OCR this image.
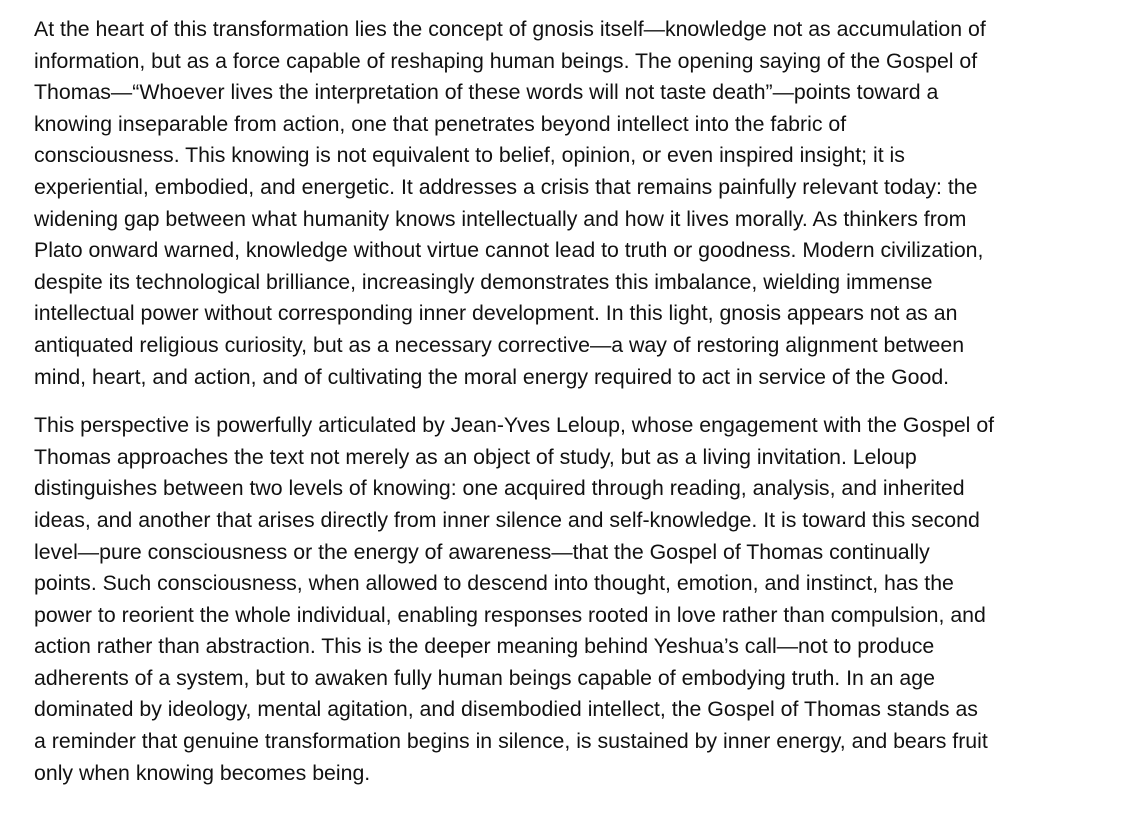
At the heart of this transformation lies the concept of gnosis itself—knowledge not as accumulation of
information, but as a force capable of reshaping human beings. The opening saying of the Gospel of
Thomas—“Whoever lives the interpretation of these words will not taste death”—points toward a
knowing inseparable from action, one that penetrates beyond intellect into the fabric of
consciousness. This knowing is not equivalent to belief, opinion, or even inspired insight; it is
experiential, embodied, and energetic. It addresses a crisis that remains painfully relevant today: the
widening gap between what humanity knows intellectually and how it lives morally. As thinkers from
Plato onward warned, knowledge without virtue cannot lead to truth or goodness. Modern civilization,
despite its technological brilliance, increasingly demonstrates this imbalance, wielding immense
intellectual power without corresponding inner development. In this light, gnosis appears not as an
antiquated religious curiosity, but as a necessary corrective—a way of restoring alignment between
mind, heart, and action, and of cultivating the moral energy required to act in service of the Good.

This perspective is powerfully articulated by Jean-Yves Leloup, whose engagement with the Gospel of
Thomas approaches the text not merely as an object of study, but as a living invitation. Leloup
distinguishes between two levels of knowing: one acquired through reading, analysis, and inherited
ideas, and another that arises directly from inner silence and self-knowledge. It is toward this second
level—pure consciousness or the energy of awareness—that the Gospel of Thomas continually
points. Such consciousness, when allowed to descend into thought, emotion, and instinct, has the
power to reorient the whole individual, enabling responses rooted in love rather than compulsion, and
action rather than abstraction. This is the deeper meaning behind Yeshua’s call—not to produce
adherents of a system, but to awaken fully human beings capable of embodying truth. In an age
dominated by ideology, mental agitation, and disembodied intellect, the Gospel of Thomas stands as
a reminder that genuine transformation begins in silence, is sustained by inner energy, and bears fruit
only when knowing becomes being.
